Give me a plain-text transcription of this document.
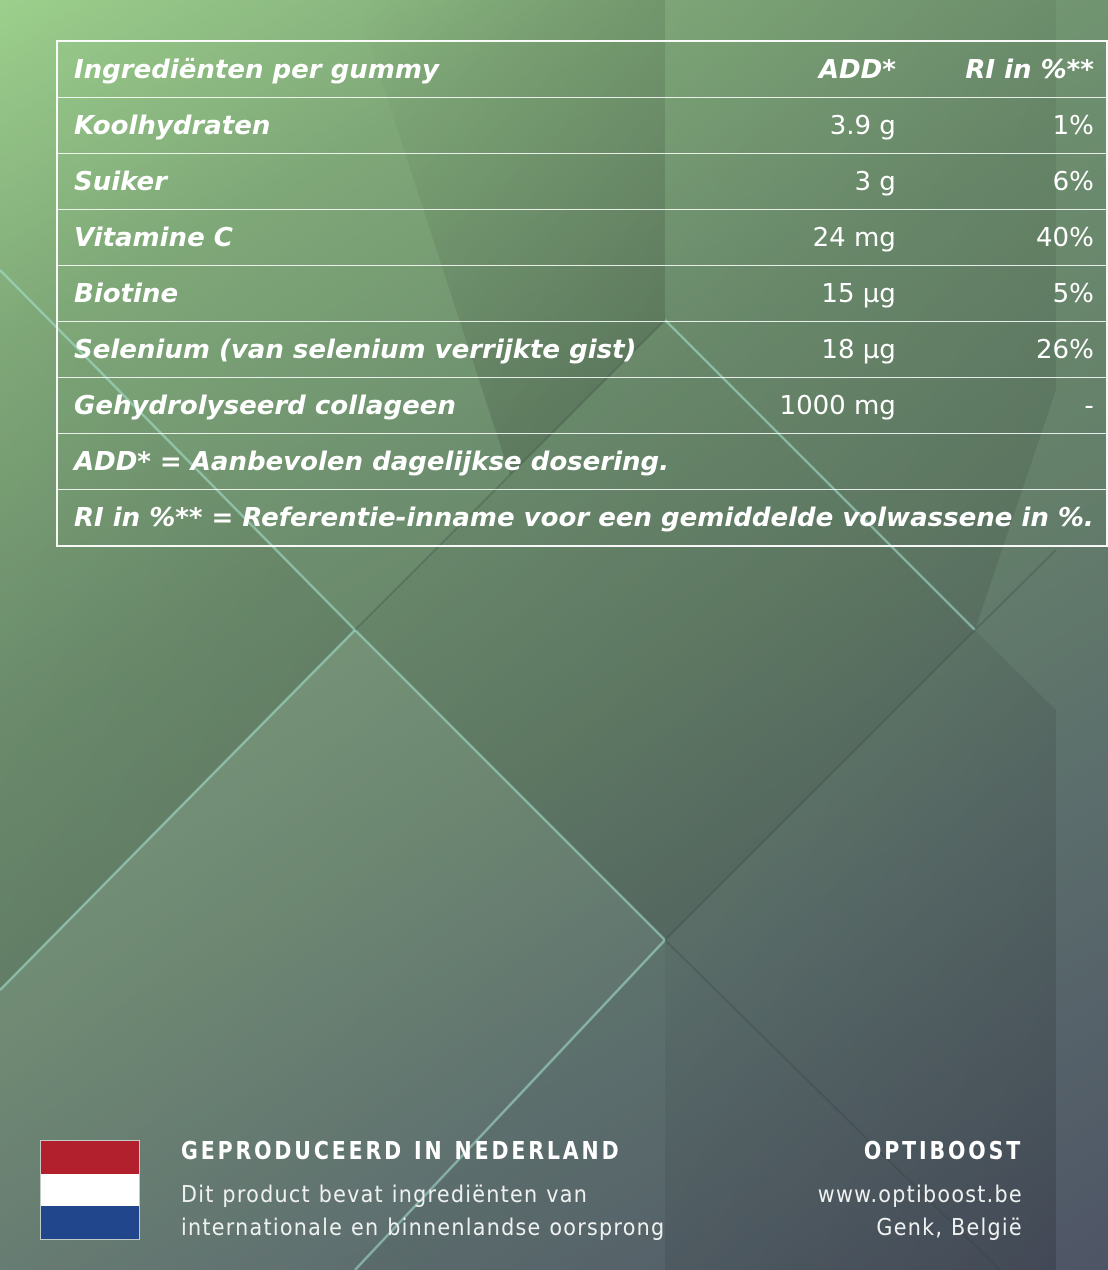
Ingrediënten per gummy	ADD*	RI in %**
Koolhydraten	3.9 g	1%
Suiker	3 g	6%
Vitamine C	24 mg	40%
Biotine	15 µg	5%
Selenium (van selenium verrijkte gist)	18 µg	26%
Gehydrolyseerd collageen	1000 mg	-
ADD* = Aanbevolen dagelijkse dosering.		
RI in %** = Referentie-inname voor een gemiddelde volwassene in %.		
GEPRODUCEERD IN NEDERLAND
Dit product bevat ingrediënten van
internationale en binnenlandse oorsprong
OPTIBOOST
www.optiboost.be
Genk, België
